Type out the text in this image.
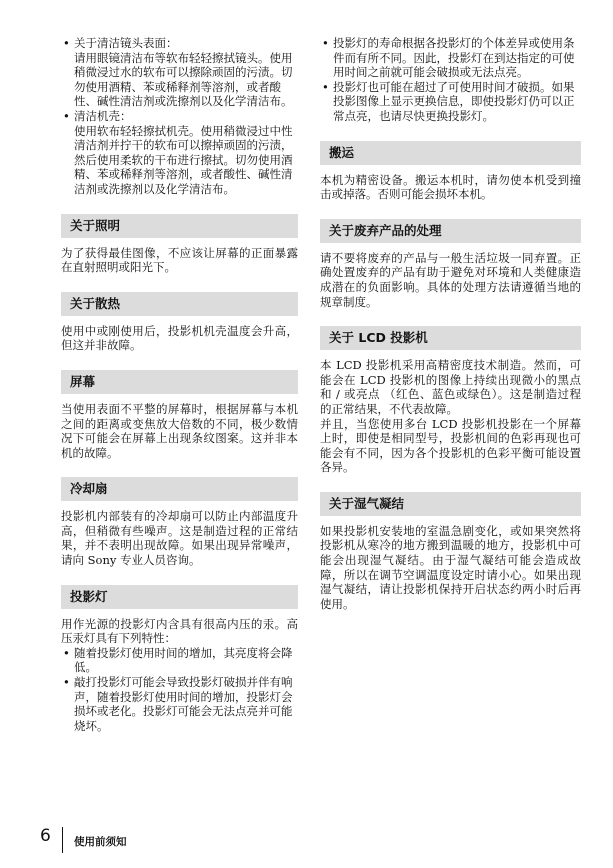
• 关于清洁镜头表面：
请用眼镜清洁布等软布轻轻擦拭镜头。使用稍微浸过水的软布可以擦除顽固的污渍。切勿使用酒精、苯或稀释剂等溶剂，或者酸性、碱性清洁剂或洗擦剂以及化学清洁布。
• 清洁机壳：
使用软布轻轻擦拭机壳。使用稍微浸过中性清洁剂并拧干的软布可以擦掉顽固的污渍，然后使用柔软的干布进行擦拭。切勿使用酒精、苯或稀释剂等溶剂，或者酸性、碱性清洁剂或洗擦剂以及化学清洁布。
关于照明

为了获得最佳图像，不应该让屏幕的正面暴露在直射照明或阳光下。

关于散热

使用中或刚使用后，投影机机壳温度会升高，但这并非故障。

屏幕

当使用表面不平整的屏幕时，根据屏幕与本机之间的距离或变焦放大倍数的不同，极少数情况下可能会在屏幕上出现条纹图案。这并非本机的故障。

冷却扇

投影机内部装有的冷却扇可以防止内部温度升高，但稍微有些噪声。这是制造过程的正常结果，并不表明出现故障。如果出现异常噪声，请向 Sony 专业人员咨询。

投影灯

用作光源的投影灯内含具有很高内压的汞。高压汞灯具有下列特性：

• 随着投影灯使用时间的增加，其亮度将会降低。
• 敲打投影灯可能会导致投影灯破损并伴有响声，随着投影灯使用时间的增加，投影灯会损坏或老化。投影灯可能会无法点亮并可能烧坏。
• 投影灯的寿命根据各投影灯的个体差异或使用条件而有所不同。因此，投影灯在到达指定的可使用时间之前就可能会破损或无法点亮。
• 投影灯也可能在超过了可使用时间才破损。如果投影图像上显示更换信息，即使投影灯仍可以正常点亮，也请尽快更换投影灯。
搬运

本机为精密设备。搬运本机时，请勿使本机受到撞击或掉落。否则可能会损坏本机。

关于废弃产品的处理

请不要将废弃的产品与一般生活垃圾一同弃置。正确处置废弃的产品有助于避免对环境和人类健康造成潜在的负面影响。具体的处理方法请遵循当地的规章制度。

关于 LCD 投影机

本 LCD 投影机采用高精密度技术制造。然而，可能会在 LCD 投影机的图像上持续出现微小的黑点和 / 或亮点 （红色、蓝色或绿色）。这是制造过程的正常结果，不代表故障。

并且，当您使用多台 LCD 投影机投影在一个屏幕上时，即使是相同型号，投影机间的色彩再现也可能会有不同，因为各个投影机的色彩平衡可能设置各异。

关于湿气凝结

如果投影机安装地的室温急剧变化，或如果突然将投影机从寒冷的地方搬到温暖的地方，投影机中可能会出现湿气凝结。由于湿气凝结可能会造成故障，所以在调节空调温度设定时请小心。如果出现湿气凝结，请让投影机保持开启状态约两小时后再使用。

6 使用前须知
